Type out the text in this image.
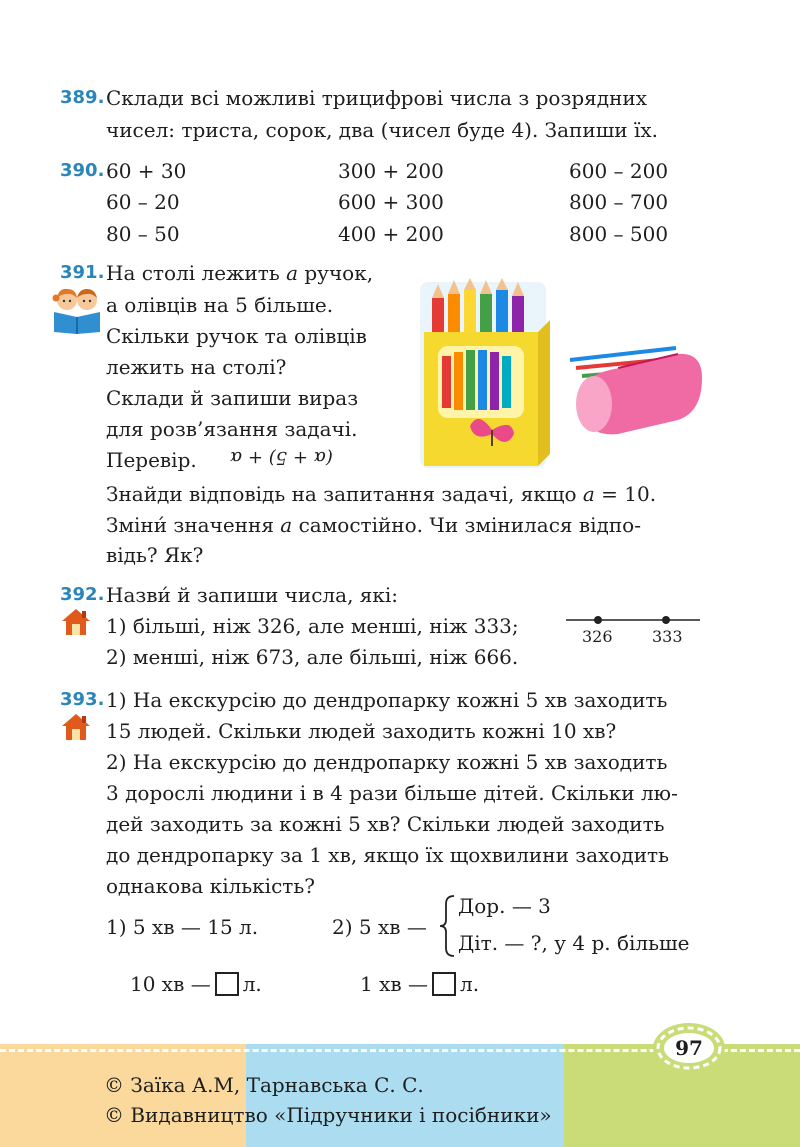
389. Склади всі можливі трицифрові числа з розрядних
чисел: триста, сорок, два (чисел буде 4). Запиши їх.
390. 60 + 30
60 – 20
80 – 50
300 + 200
600 + 300
400 + 200
600 – 200
800 – 700
800 – 500
391. На столі лежить a ручок,
а олівців на 5 більше.
Скільки ручок та олівців
лежить на столі?
Склади й запиши вираз
для розв’язання задачі.
Перевір. (ɑ + 5) + ɑ
Знайди відповідь на запитання задачі, якщо a = 10.
Зміни́ значення a самостійно. Чи змінилася відпо-
відь? Як?
392. Назви́ й запиши числа, які:
1) більші, ніж 326, але менші, ніж 333;
2) менші, ніж 673, але більші, ніж 666.
326 333
393. 1) На екскурсію до дендропарку кожні 5 хв заходить
15 людей. Скільки людей заходить кожні 10 хв?
2) На екскурсію до дендропарку кожні 5 хв заходить
3 дорослі людини і в 4 рази більше дітей. Скільки лю-
дей заходить за кожні 5 хв? Скільки людей заходить
до дендропарку за 1 хв, якщо їх щохвилини заходить
однакова кількість?
1) 5 хв — 15 л.	2) 5 хв —
Дор. — 3
Діт. — ?, у 4 р. більше
10 хв — л.	1 хв — л.
97
© Заїка А.М, Тарнавська С. С.
© Видавництво «Підручники і посібники»
